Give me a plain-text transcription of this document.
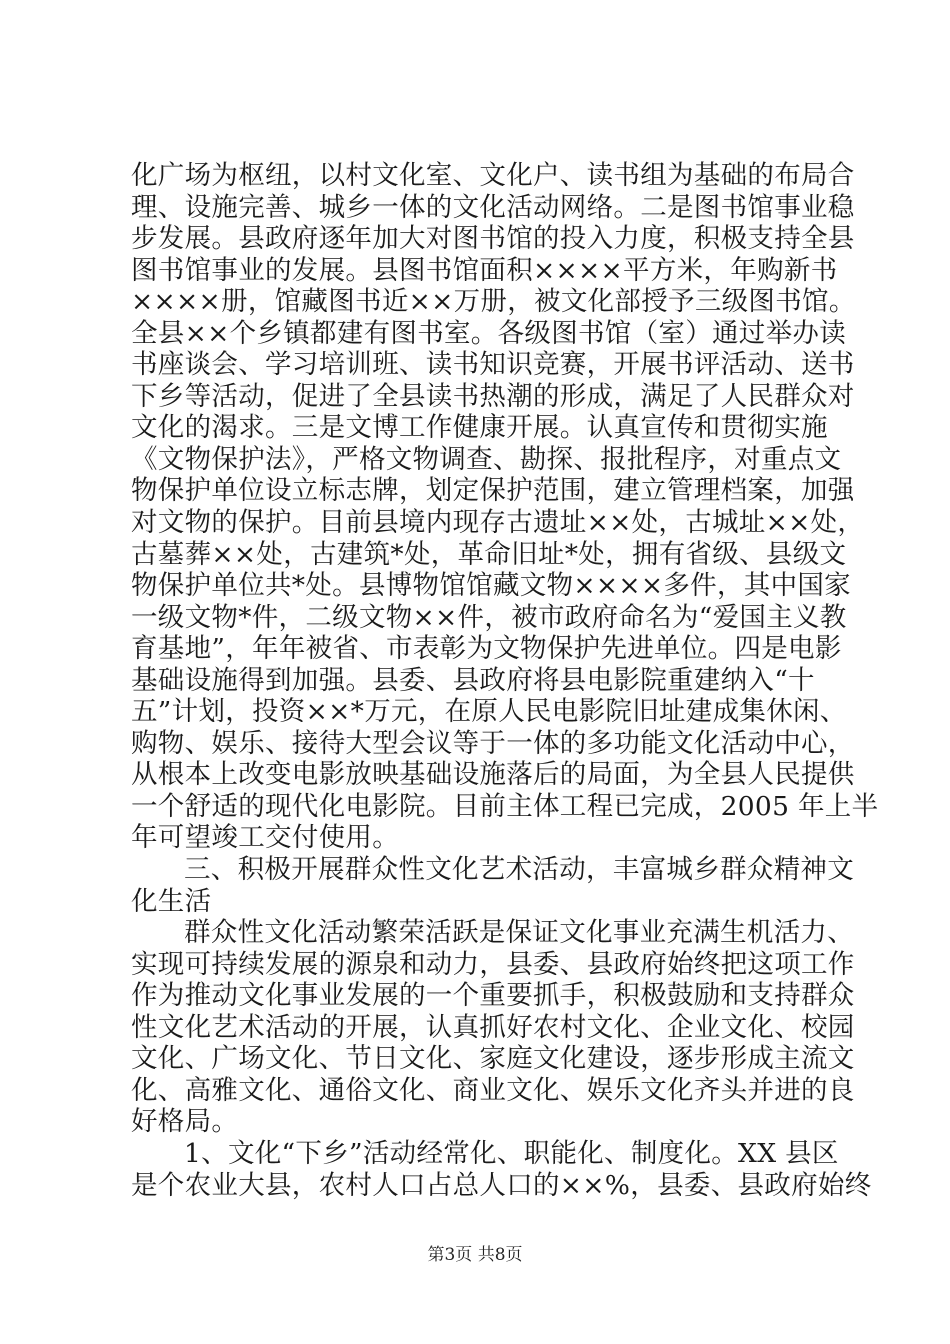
化广场为枢纽，以村文化室、文化户、读书组为基础的布局合
理、设施完善、城乡一体的文化活动网络。二是图书馆事业稳
步发展。县政府逐年加大对图书馆的投入力度，积极支持全县
图书馆事业的发展。县图书馆面积××××平方米，年购新书
××××册，馆藏图书近××万册，被文化部授予三级图书馆。
全县××个乡镇都建有图书室。各级图书馆（室）通过举办读
书座谈会、学习培训班、读书知识竞赛，开展书评活动、送书
下乡等活动，促进了全县读书热潮的形成，满足了人民群众对
文化的渴求。三是文博工作健康开展。认真宣传和贯彻实施
《文物保护法》，严格文物调查、勘探、报批程序，对重点文
物保护单位设立标志牌，划定保护范围，建立管理档案，加强
对文物的保护。目前县境内现存古遗址××处，古城址××处，
古墓葬××处，古建筑*处，革命旧址*处，拥有省级、县级文
物保护单位共*处。县博物馆馆藏文物××××多件，其中国家
一级文物*件，二级文物××件，被市政府命名为“爱国主义教
育基地”，年年被省、市表彰为文物保护先进单位。四是电影
基础设施得到加强。县委、县政府将县电影院重建纳入“十
五”计划，投资××*万元，在原人民电影院旧址建成集休闲、
购物、娱乐、接待大型会议等于一体的多功能文化活动中心，
从根本上改变电影放映基础设施落后的局面，为全县人民提供
一个舒适的现代化电影院。目前主体工程已完成，2005 年上半
年可望竣工交付使用。
三、积极开展群众性文化艺术活动，丰富城乡群众精神文
化生活
群众性文化活动繁荣活跃是保证文化事业充满生机活力、
实现可持续发展的源泉和动力，县委、县政府始终把这项工作
作为推动文化事业发展的一个重要抓手，积极鼓励和支持群众
性文化艺术活动的开展，认真抓好农村文化、企业文化、校园
文化、广场文化、节日文化、家庭文化建设，逐步形成主流文
化、高雅文化、通俗文化、商业文化、娱乐文化齐头并进的良
好格局。
1、文化“下乡”活动经常化、职能化、制度化。XX 县区
是个农业大县，农村人口占总人口的××%，县委、县政府始终
第3页 共8页
